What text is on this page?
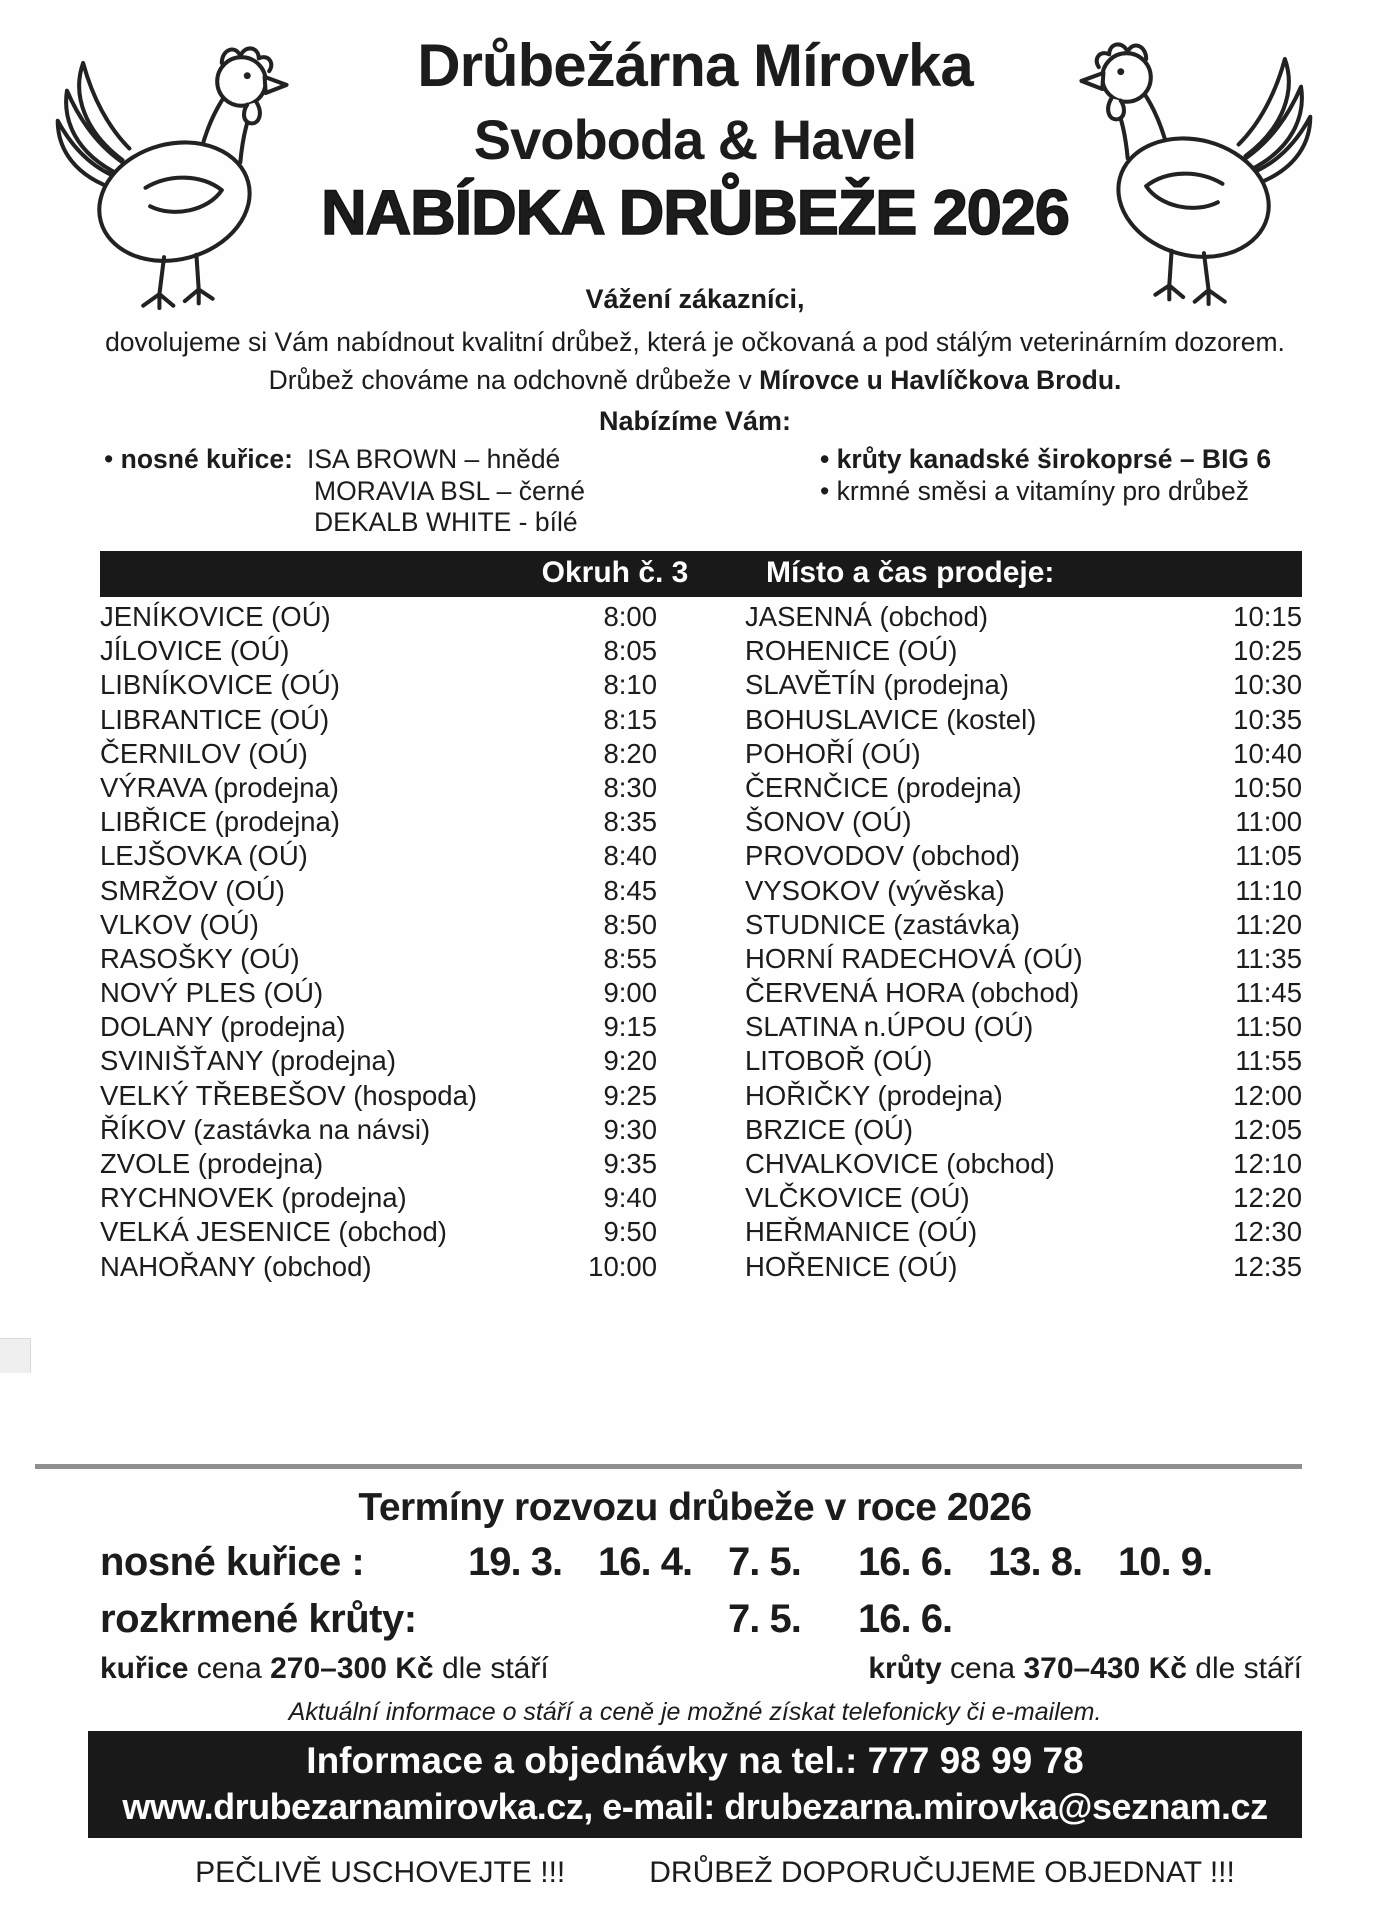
Drůbežárna Mírovka
Svoboda & Havel
NABÍDKA DRŮBEŽE 2026
Vážení zákazníci,
dovolujeme si Vám nabídnout kvalitní drůbež, která je očkovaná a pod stálým veterinárním dozorem.
Drůbež chováme na odchovně drůbeže v Mírovce u Havlíčkova Brodu.
Nabízíme Vám:
• nosné kuřice: ISA BROWN – hnědé
MORAVIA BSL – černé
DEKALB WHITE - bílé
• krůty kanadské širokoprsé – BIG 6
• krmné směsi a vitamíny pro drůbež
Okruh č. 3	Místo a čas prodeje:
JENÍKOVICE (OÚ)	8:00
JÍLOVICE (OÚ)	8:05
LIBNÍKOVICE (OÚ)	8:10
LIBRANTICE (OÚ)	8:15
ČERNILOV (OÚ)	8:20
VÝRAVA (prodejna)	8:30
LIBŘICE (prodejna)	8:35
LEJŠOVKA (OÚ)	8:40
SMRŽOV (OÚ)	8:45
VLKOV (OÚ)	8:50
RASOŠKY (OÚ)	8:55
NOVÝ PLES (OÚ)	9:00
DOLANY (prodejna)	9:15
SVINIŠŤANY (prodejna)	9:20
VELKÝ TŘEBEŠOV (hospoda)	9:25
ŘÍKOV (zastávka na návsi)	9:30
ZVOLE (prodejna)	9:35
RYCHNOVEK (prodejna)	9:40
VELKÁ JESENICE (obchod)	9:50
NAHOŘANY (obchod)	10:00
JASENNÁ (obchod)	10:15
ROHENICE (OÚ)	10:25
SLAVĚTÍN (prodejna)	10:30
BOHUSLAVICE (kostel)	10:35
POHOŘÍ (OÚ)	10:40
ČERNČICE (prodejna)	10:50
ŠONOV (OÚ)	11:00
PROVODOV (obchod)	11:05
VYSOKOV (vývěska)	11:10
STUDNICE (zastávka)	11:20
HORNÍ RADECHOVÁ (OÚ)	11:35
ČERVENÁ HORA (obchod)	11:45
SLATINA n.ÚPOU (OÚ)	11:50
LITOBOŘ (OÚ)	11:55
HOŘIČKY (prodejna)	12:00
BRZICE (OÚ)	12:05
CHVALKOVICE (obchod)	12:10
VLČKOVICE (OÚ)	12:20
HEŘMANICE (OÚ)	12:30
HOŘENICE (OÚ)	12:35
Termíny rozvozu drůbeže v roce 2026
nosné kuřice :	19. 3. 16. 4. 7. 5.	16. 6. 13. 8. 10. 9.
rozkrmené krůty:	7. 5.	16. 6.
kuřice cena 270–300 Kč dle stáří	krůty cena 370–430 Kč dle stáří
Aktuální informace o stáří a ceně je možné získat telefonicky či e-mailem.
Informace a objednávky na tel.: 777 98 99 78
www.drubezarnamirovka.cz, e-mail: drubezarna.mirovka@seznam.cz
PEČLIVĚ USCHOVEJTE !!!	DRŮBEŽ DOPORUČUJEME OBJEDNAT !!!
